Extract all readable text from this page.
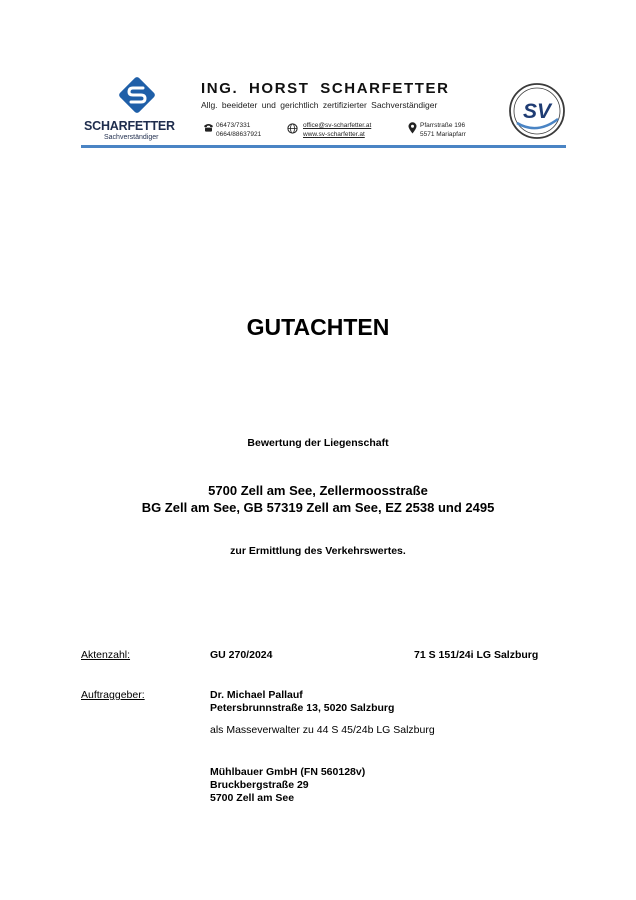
SCHARFETTER
Sachverständiger
ING. HORST SCHARFETTER
Allg. beeideter und gerichtlich zertifizierter Sachverständiger
06473/7331
0664/88637921
office@sv-scharfetter.at
www.sv-scharfetter.at
Pfarrstraße 196
5571 Mariapfarr
SV
GUTACHTEN
Bewertung der Liegenschaft
5700 Zell am See, Zellermoosstraße
BG Zell am See, GB 57319 Zell am See, EZ 2538 und 2495
zur Ermittlung des Verkehrswertes.
Aktenzahl:	GU 270/2024	71 S 151/24i LG Salzburg
Auftraggeber:	Dr. Michael Pallauf
Petersbrunnstraße 13, 5020 Salzburg
als Masseverwalter zu 44 S 45/24b LG Salzburg
Mühlbauer GmbH (FN 560128v)
Bruckbergstraße 29
5700 Zell am See
